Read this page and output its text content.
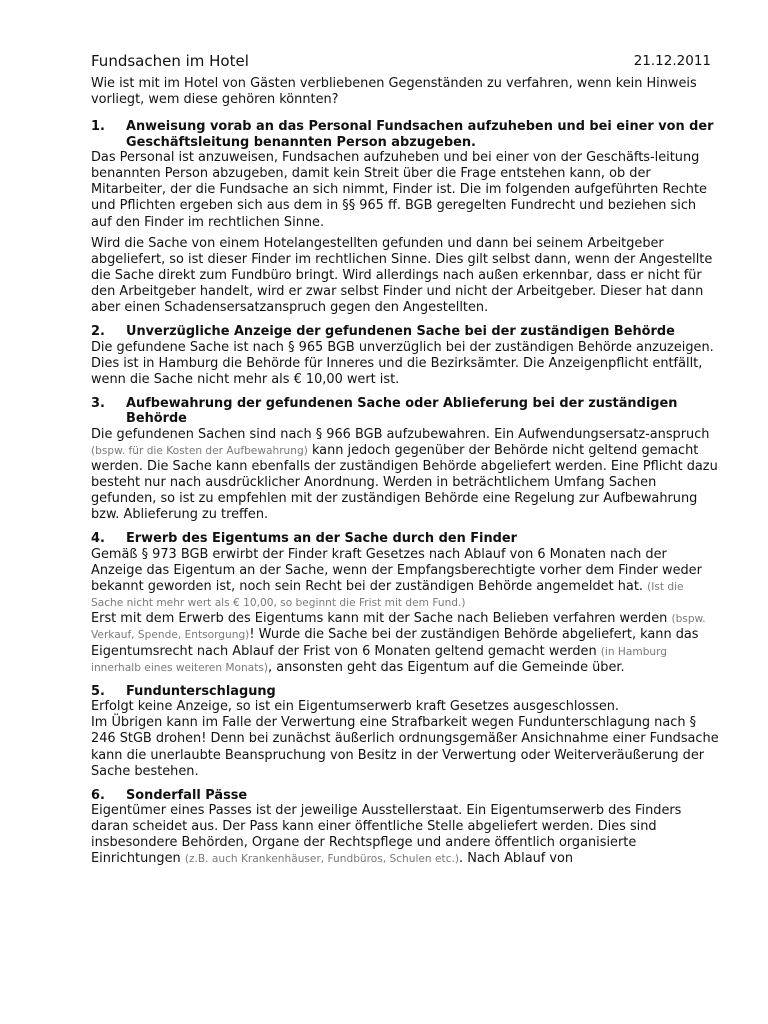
Fundsachen im Hotel	21.12.2011

Wie ist mit im Hotel von Gästen verbliebenen Gegenständen zu verfahren, wenn kein Hinweis vorliegt, wem diese gehören könnten?

1.	Anweisung vorab an das Personal Fundsachen aufzuheben und bei einer von der Geschäftsleitung benannten Person abzugeben.

Das Personal ist anzuweisen, Fundsachen aufzuheben und bei einer von der Geschäfts-leitung benannten Person abzugeben, damit kein Streit über die Frage entstehen kann, ob der Mitarbeiter, der die Fundsache an sich nimmt, Finder ist. Die im folgenden aufgeführten Rechte und Pflichten ergeben sich aus dem in §§ 965 ff. BGB geregelten Fundrecht und beziehen sich auf den Finder im rechtlichen Sinne.

Wird die Sache von einem Hotelangestellten gefunden und dann bei seinem Arbeitgeber abgeliefert, so ist dieser Finder im rechtlichen Sinne. Dies gilt selbst dann, wenn der Angestellte die Sache direkt zum Fundbüro bringt. Wird allerdings nach außen erkennbar, dass er nicht für den Arbeitgeber handelt, wird er zwar selbst Finder und nicht der Arbeitgeber. Dieser hat dann aber einen Schadensersatzanspruch gegen den Angestellten.

2.	Unverzügliche Anzeige der gefundenen Sache bei der zuständigen Behörde

Die gefundene Sache ist nach § 965 BGB unverzüglich bei der zuständigen Behörde anzuzeigen. Dies ist in Hamburg die Behörde für Inneres und die Bezirksämter. Die Anzeigenpflicht entfällt, wenn die Sache nicht mehr als € 10,00 wert ist.

3.	Aufbewahrung der gefundenen Sache oder Ablieferung bei der zuständigen Behörde

Die gefundenen Sachen sind nach § 966 BGB aufzubewahren. Ein Aufwendungsersatz-anspruch (bspw. für die Kosten der Aufbewahrung) kann jedoch gegenüber der Behörde nicht geltend gemacht werden. Die Sache kann ebenfalls der zuständigen Behörde abgeliefert werden. Eine Pflicht dazu besteht nur nach ausdrücklicher Anordnung. Werden in beträchtlichem Umfang Sachen gefunden, so ist zu empfehlen mit der zuständigen Behörde eine Regelung zur Aufbewahrung bzw. Ablieferung zu treffen.

4.	Erwerb des Eigentums an der Sache durch den Finder

Gemäß § 973 BGB erwirbt der Finder kraft Gesetzes nach Ablauf von 6 Monaten nach der Anzeige das Eigentum an der Sache, wenn der Empfangsberechtigte vorher dem Finder weder bekannt geworden ist, noch sein Recht bei der zuständigen Behörde angemeldet hat. (Ist die Sache nicht mehr wert als € 10,00, so beginnt die Frist mit dem Fund.)

Erst mit dem Erwerb des Eigentums kann mit der Sache nach Belieben verfahren werden (bspw. Verkauf, Spende, Entsorgung)! Wurde die Sache bei der zuständigen Behörde abgeliefert, kann das Eigentumsrecht nach Ablauf der Frist von 6 Monaten geltend gemacht werden (in Hamburg innerhalb eines weiteren Monats), ansonsten geht das Eigentum auf die Gemeinde über.

5.	Fundunterschlagung

Erfolgt keine Anzeige, so ist ein Eigentumserwerb kraft Gesetzes ausgeschlossen.

Im Übrigen kann im Falle der Verwertung eine Strafbarkeit wegen Fundunterschlagung nach § 246 StGB drohen! Denn bei zunächst äußerlich ordnungsgemäßer Ansichnahme einer Fundsache kann die unerlaubte Beanspruchung von Besitz in der Verwertung oder Weiterveräußerung der Sache bestehen.

6.	Sonderfall Pässe

Eigentümer eines Passes ist der jeweilige Ausstellerstaat. Ein Eigentumserwerb des Finders daran scheidet aus. Der Pass kann einer öffentliche Stelle abgeliefert werden. Dies sind insbesondere Behörden, Organe der Rechtspflege und andere öffentlich organisierte Einrichtungen (z.B. auch Krankenhäuser, Fundbüros, Schulen etc.). Nach Ablauf von
